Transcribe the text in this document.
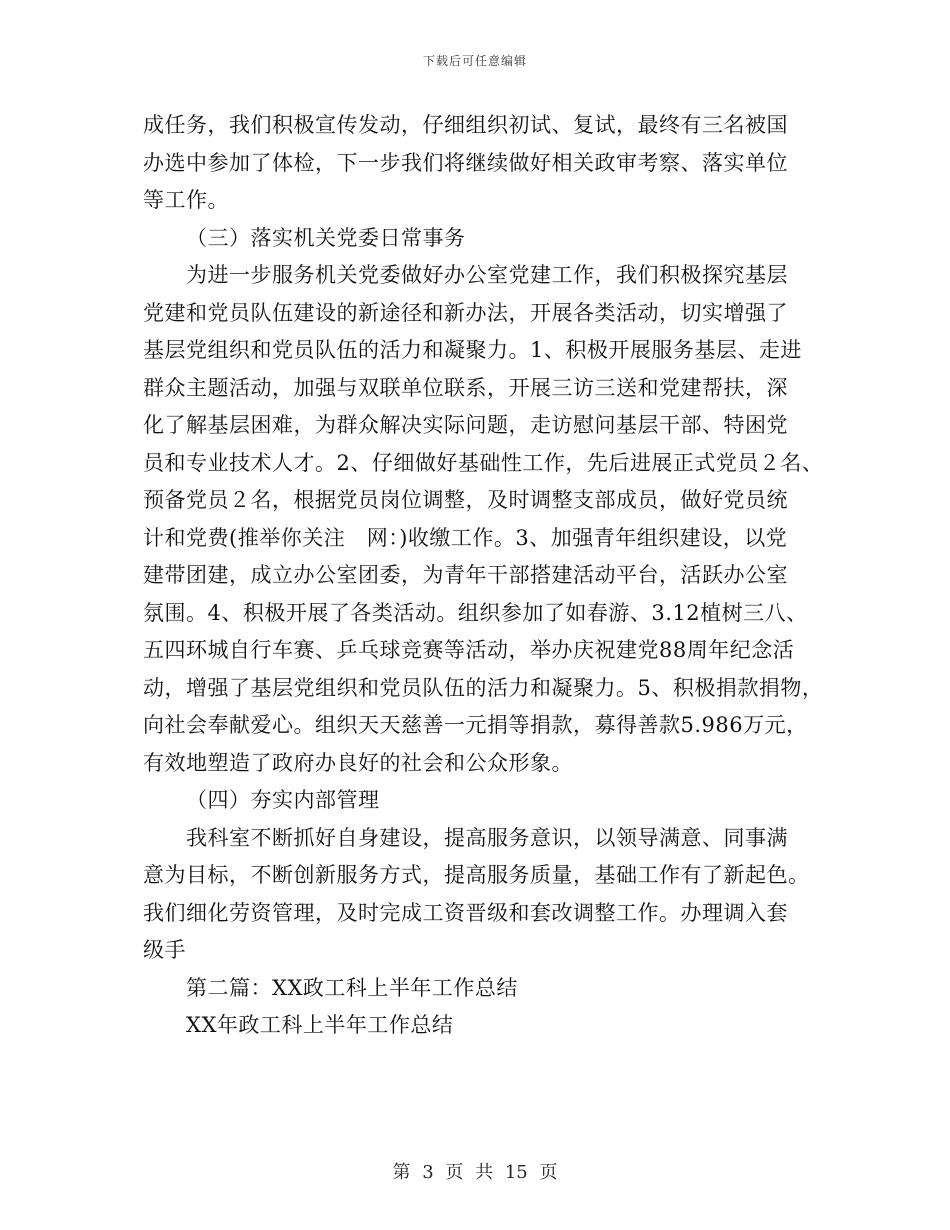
下载后可任意编辑
成任务，我们积极宣传发动，仔细组织初试、复试，最终有三名被国
办选中参加了体检，下一步我们将继续做好相关政审考察、落实单位
等工作。
（三）落实机关党委日常事务
为进一步服务机关党委做好办公室党建工作，我们积极探究基层
党建和党员队伍建设的新途径和新办法，开展各类活动，切实增强了
基层党组织和党员队伍的活力和凝聚力。1、积极开展服务基层、走进
群众主题活动，加强与双联单位联系，开展三访三送和党建帮扶，深
化了解基层困难，为群众解决实际问题，走访慰问基层干部、特困党
员和专业技术人才。2、仔细做好基础性工作，先后进展正式党员２名、
预备党员２名，根据党员岗位调整，及时调整支部成员，做好党员统
计和党费(推举你关注　网：)收缴工作。3、加强青年组织建设，以党
建带团建，成立办公室团委，为青年干部搭建活动平台，活跃办公室
氛围。4、积极开展了各类活动。组织参加了如春游、3.12植树三八、
五四环城自行车赛、乒乓球竞赛等活动，举办庆祝建党88周年纪念活
动，增强了基层党组织和党员队伍的活力和凝聚力。5、积极捐款捐物，
向社会奉献爱心。组织天天慈善一元捐等捐款，募得善款5.986万元，
有效地塑造了政府办良好的社会和公众形象。
（四）夯实内部管理
我科室不断抓好自身建设，提高服务意识，以领导满意、同事满
意为目标，不断创新服务方式，提高服务质量，基础工作有了新起色。
我们细化劳资管理，及时完成工资晋级和套改调整工作。办理调入套
级手
第二篇：XX政工科上半年工作总结
XX年政工科上半年工作总结
第 3 页 共 15 页
